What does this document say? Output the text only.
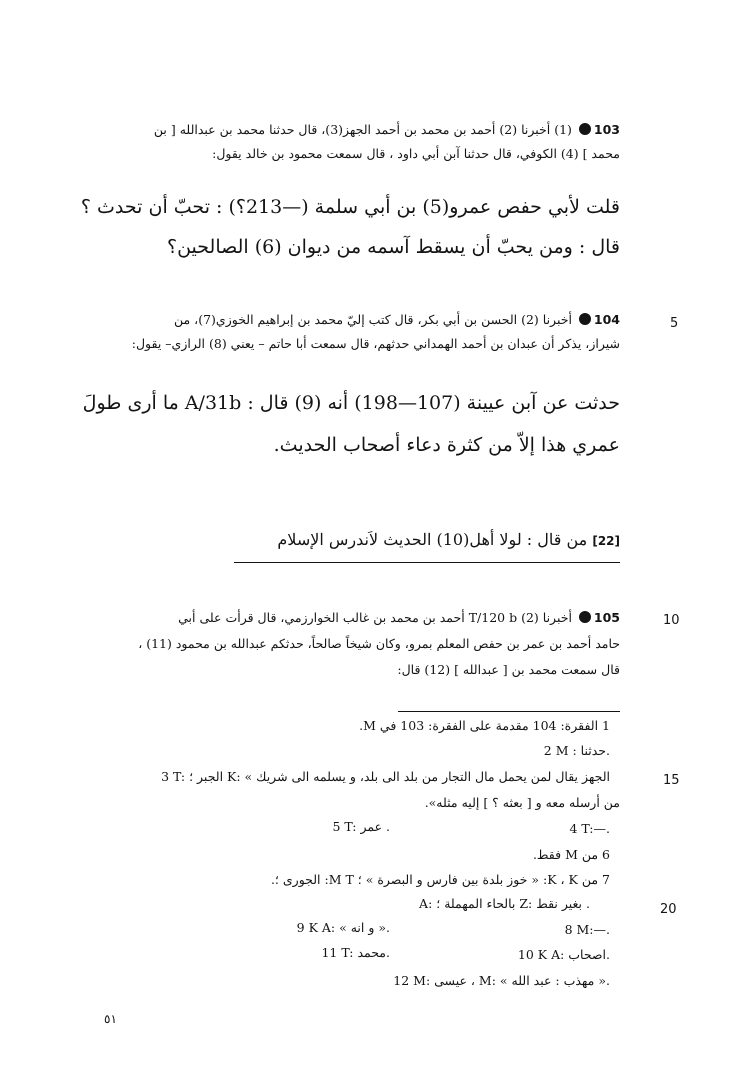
103 (1) أخبرنا (2) أحمد بن محمد بن أحمد الجهز(3)، قال حدثنا محمد بن عبدالله [ بن
محمد ] (4) الكوفي، قال حدثنا آبن أبي داود ، قال سمعت محمود بن خالد يقول:
قلت لأبي حفص عمرو(5) بن أبي سلمة (—213؟) : تحبّ أن تحدث ؟
قال : ومن يحبّ أن يسقط آسمه من ديوان (6) الصالحين؟
5
104 أخبرنا (2) الحسن بن أبي بكر، قال كتب إليّ محمد بن إبراهيم الخوزي(7)، من
شيراز، يذكر أن عبدان بن أحمد الهمداني حدثهم، قال سمعت أبا حاتم – يعني (8) الرازي– يقول:
حدثت عن آبن عيينة (107—198) أنه (9) قال : A/31b ما أرى طولَ
عمري هذا إلاّ من كثرة دعاء أصحاب الحديث.
[22] من قال : لولا أهل(10) الحديث لاَندرس الإسلام
10
105 أخبرنا (2) T/120 b أحمد بن محمد بن غالب الخوارزمي، قال قرأت على أبي
حامد أحمد بن عمر بن حفص المعلم بمرو، وكان شيخاً صالحاً، حدثكم عبدالله بن محمود (11) ،
قال سمعت محمد بن [ عبدالله ] (12) قال:
1 الفقرة: 104 مقدمة على الفقرة: 103 في M.
2 M : حدثنا.
15
3 T: الجبر ؛ K: « الجهز يقال لمن يحمل مال التجار من بلد الى بلد، و يسلمه الى شريك
من أرسله معه و [ بعثه ؟ ] إليه مثله».
4 T:—.
5 T: عمر .
6 من M فقط.
7 من K ، K: « خوز بلدة بين فارس و البصرة » ؛ M T: الجورى ؛.
20
A: بالحاء المهملة ؛ Z: بغير نقط .
8 M:—.
9 K A: « و انه ».
10 K A: اصحاب.
11 T: محمد.
12 M: عيسى ، M: « مهذب : عبد الله ».
٥١
